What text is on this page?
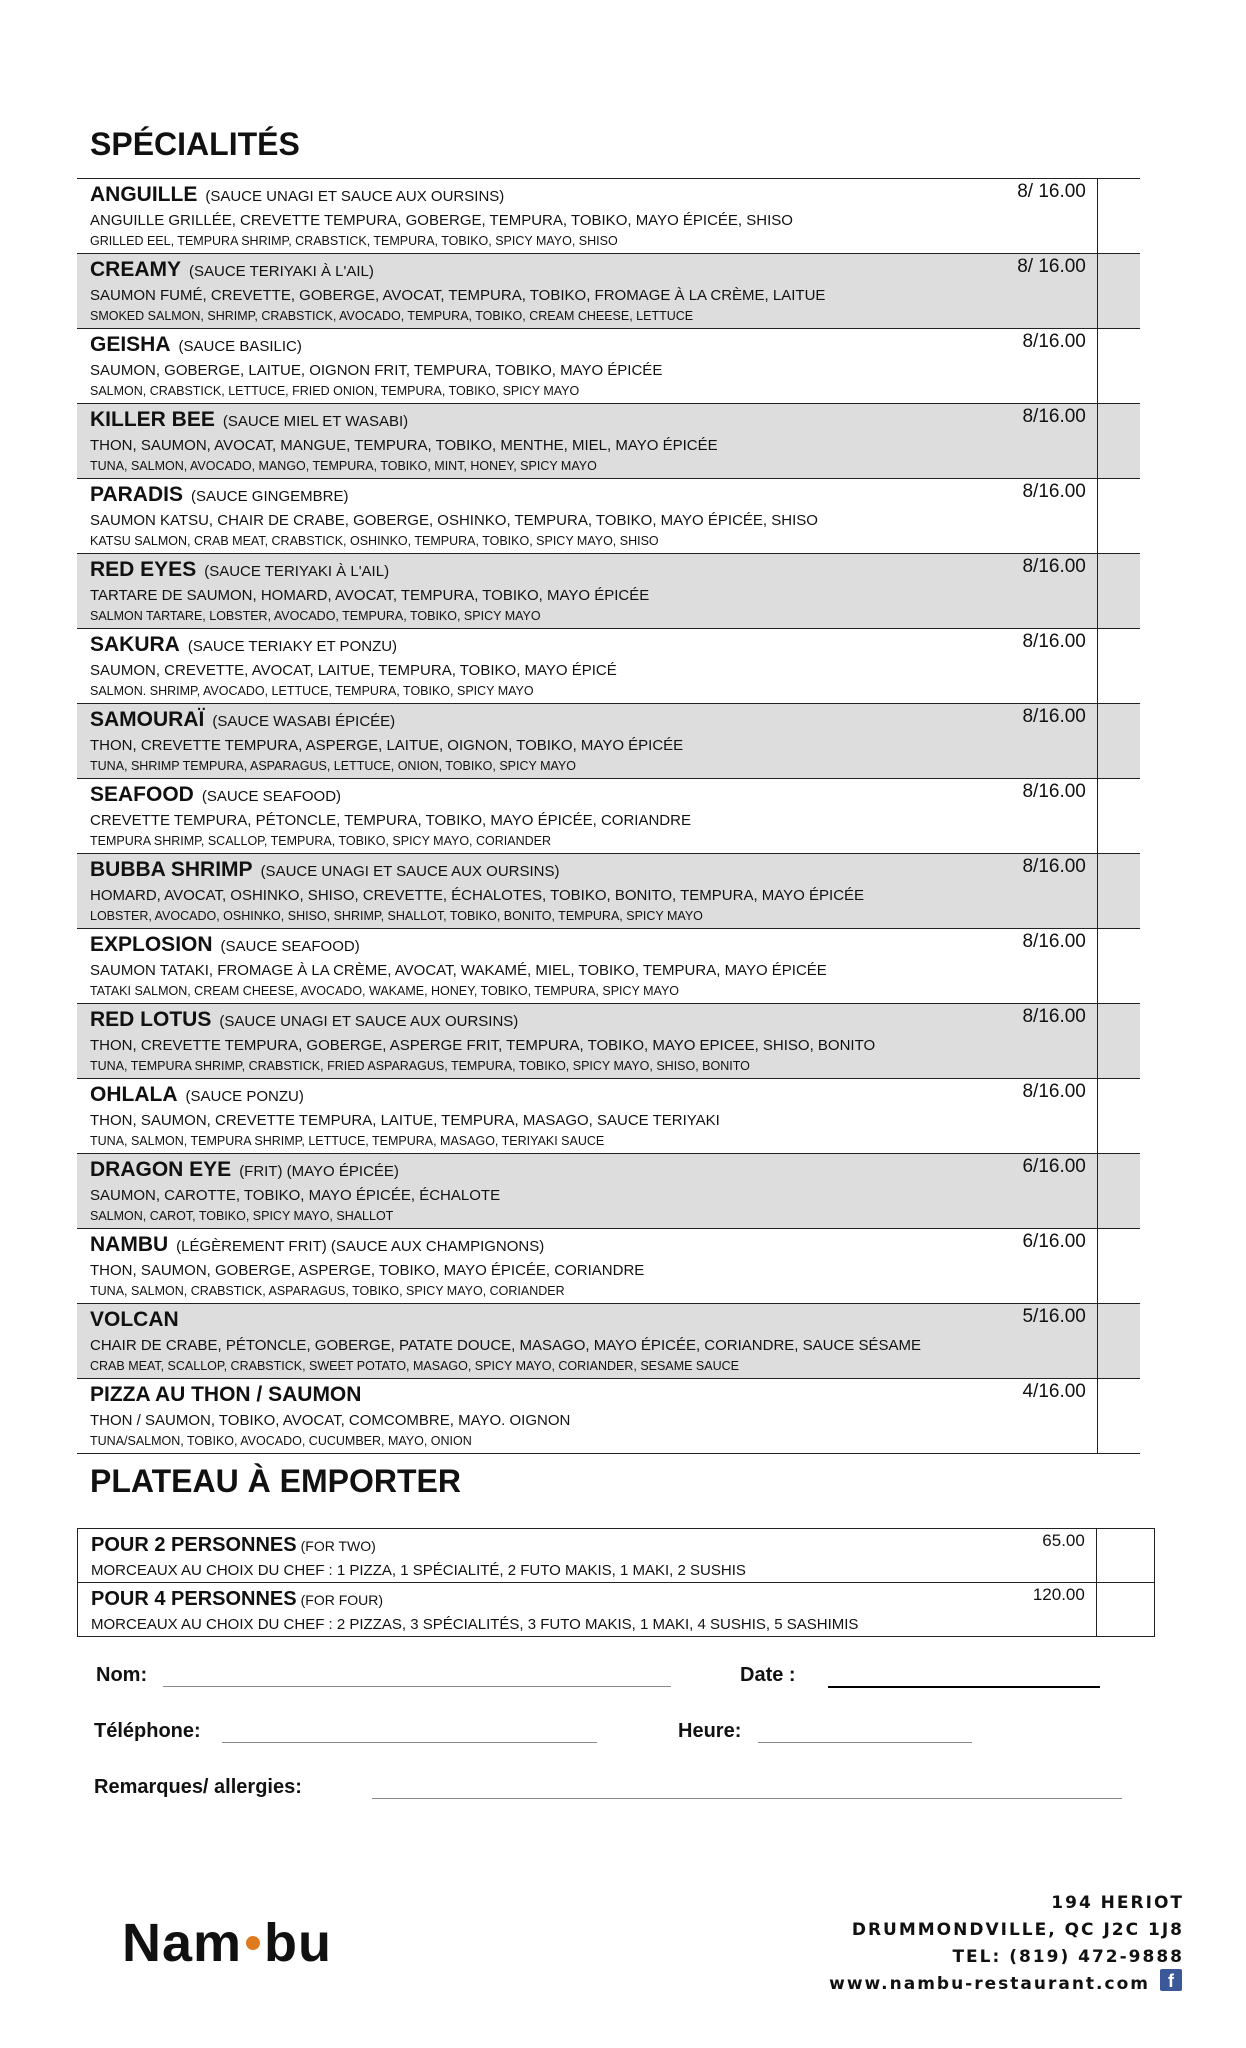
SPÉCIALITÉS
ANGUILLE (SAUCE UNAGI ET SAUCE AUX OURSINS)
ANGUILLE GRILLÉE, CREVETTE TEMPURA, GOBERGE, TEMPURA, TOBIKO, MAYO ÉPICÉE, SHISO
GRILLED EEL, TEMPURA SHRIMP, CRABSTICK, TEMPURA, TOBIKO, SPICY MAYO, SHISO	8/ 16.00	

CREAMY (SAUCE TERIYAKI À L'AIL)
SAUMON FUMÉ, CREVETTE, GOBERGE, AVOCAT, TEMPURA, TOBIKO, FROMAGE À LA CRÈME, LAITUE
SMOKED SALMON, SHRIMP, CRABSTICK, AVOCADO, TEMPURA, TOBIKO, CREAM CHEESE, LETTUCE	8/ 16.00	

GEISHA (SAUCE BASILIC)
SAUMON, GOBERGE, LAITUE, OIGNON FRIT, TEMPURA, TOBIKO, MAYO ÉPICÉE
SALMON, CRABSTICK, LETTUCE, FRIED ONION, TEMPURA, TOBIKO, SPICY MAYO	8/16.00	

KILLER BEE (SAUCE MIEL ET WASABI)
THON, SAUMON, AVOCAT, MANGUE, TEMPURA, TOBIKO, MENTHE, MIEL, MAYO ÉPICÉE
TUNA, SALMON, AVOCADO, MANGO, TEMPURA, TOBIKO, MINT, HONEY, SPICY MAYO	8/16.00	

PARADIS (SAUCE GINGEMBRE)
SAUMON KATSU, CHAIR DE CRABE, GOBERGE, OSHINKO, TEMPURA, TOBIKO, MAYO ÉPICÉE, SHISO
KATSU SALMON, CRAB MEAT, CRABSTICK, OSHINKO, TEMPURA, TOBIKO, SPICY MAYO, SHISO	8/16.00	

RED EYES (SAUCE TERIYAKI À L'AIL)
TARTARE DE SAUMON, HOMARD, AVOCAT, TEMPURA, TOBIKO, MAYO ÉPICÉE
SALMON TARTARE, LOBSTER, AVOCADO, TEMPURA, TOBIKO, SPICY MAYO	8/16.00	

SAKURA (SAUCE TERIAKY ET PONZU)
SAUMON, CREVETTE, AVOCAT, LAITUE, TEMPURA, TOBIKO, MAYO ÉPICÉ
SALMON. SHRIMP, AVOCADO, LETTUCE, TEMPURA, TOBIKO, SPICY MAYO	8/16.00	

SAMOURAÏ (SAUCE WASABI ÉPICÉE)
THON, CREVETTE TEMPURA, ASPERGE, LAITUE, OIGNON, TOBIKO, MAYO ÉPICÉE
TUNA, SHRIMP TEMPURA, ASPARAGUS, LETTUCE, ONION, TOBIKO, SPICY MAYO	8/16.00	

SEAFOOD (SAUCE SEAFOOD)
CREVETTE TEMPURA, PÉTONCLE, TEMPURA, TOBIKO, MAYO ÉPICÉE, CORIANDRE
TEMPURA SHRIMP, SCALLOP, TEMPURA, TOBIKO, SPICY MAYO, CORIANDER	8/16.00	

BUBBA SHRIMP (SAUCE UNAGI ET SAUCE AUX OURSINS)
HOMARD, AVOCAT, OSHINKO, SHISO, CREVETTE, ÉCHALOTES, TOBIKO, BONITO, TEMPURA, MAYO ÉPICÉE
LOBSTER, AVOCADO, OSHINKO, SHISO, SHRIMP, SHALLOT, TOBIKO, BONITO, TEMPURA, SPICY MAYO	8/16.00	

EXPLOSION (SAUCE SEAFOOD)
SAUMON TATAKI, FROMAGE À LA CRÈME, AVOCAT, WAKAMÉ, MIEL, TOBIKO, TEMPURA, MAYO ÉPICÉE
TATAKI SALMON, CREAM CHEESE, AVOCADO, WAKAME, HONEY, TOBIKO, TEMPURA, SPICY MAYO	8/16.00	

RED LOTUS (SAUCE UNAGI ET SAUCE AUX OURSINS)
THON, CREVETTE TEMPURA, GOBERGE, ASPERGE FRIT, TEMPURA, TOBIKO, MAYO EPICEE, SHISO, BONITO
TUNA, TEMPURA SHRIMP, CRABSTICK, FRIED ASPARAGUS, TEMPURA, TOBIKO, SPICY MAYO, SHISO, BONITO	8/16.00	

OHLALA (SAUCE PONZU)
THON, SAUMON, CREVETTE TEMPURA, LAITUE, TEMPURA, MASAGO, SAUCE TERIYAKI
TUNA, SALMON, TEMPURA SHRIMP, LETTUCE, TEMPURA, MASAGO, TERIYAKI SAUCE	8/16.00	

DRAGON EYE (FRIT) (MAYO ÉPICÉE)
SAUMON, CAROTTE, TOBIKO, MAYO ÉPICÉE, ÉCHALOTE
SALMON, CAROT, TOBIKO, SPICY MAYO, SHALLOT	6/16.00	

NAMBU (LÉGÈREMENT FRIT) (SAUCE AUX CHAMPIGNONS)
THON, SAUMON, GOBERGE, ASPERGE, TOBIKO, MAYO ÉPICÉE, CORIANDRE
TUNA, SALMON, CRABSTICK, ASPARAGUS, TOBIKO, SPICY MAYO, CORIANDER	6/16.00	

VOLCAN
CHAIR DE CRABE, PÉTONCLE, GOBERGE, PATATE DOUCE, MASAGO, MAYO ÉPICÉE, CORIANDRE, SAUCE SÉSAME
CRAB MEAT, SCALLOP, CRABSTICK, SWEET POTATO, MASAGO, SPICY MAYO, CORIANDER, SESAME SAUCE	5/16.00	

PIZZA AU THON / SAUMON
THON / SAUMON, TOBIKO, AVOCAT, COMCOMBRE, MAYO. OIGNON
TUNA/SALMON, TOBIKO, AVOCADO, CUCUMBER, MAYO, ONION	4/16.00	
PLATEAU À EMPORTER
POUR 2 PERSONNES (FOR TWO)
MORCEAUX AU CHOIX DU CHEF : 1 PIZZA, 1 SPÉCIALITÉ, 2 FUTO MAKIS, 1 MAKI, 2 SUSHIS	65.00	

POUR 4 PERSONNES (FOR FOUR)
MORCEAUX AU CHOIX DU CHEF : 2 PIZZAS, 3 SPÉCIALITÉS, 3 FUTO MAKIS, 1 MAKI, 4 SUSHIS, 5 SASHIMIS	120.00	
Nom:	Date :
Téléphone:	Heure:
Remarques/ allergies:
Nam bu
194 HERIOT
DRUMMONDVILLE, QC J2C 1J8
TEL: (819) 472-9888
www.nambu-restaurant.com	f
